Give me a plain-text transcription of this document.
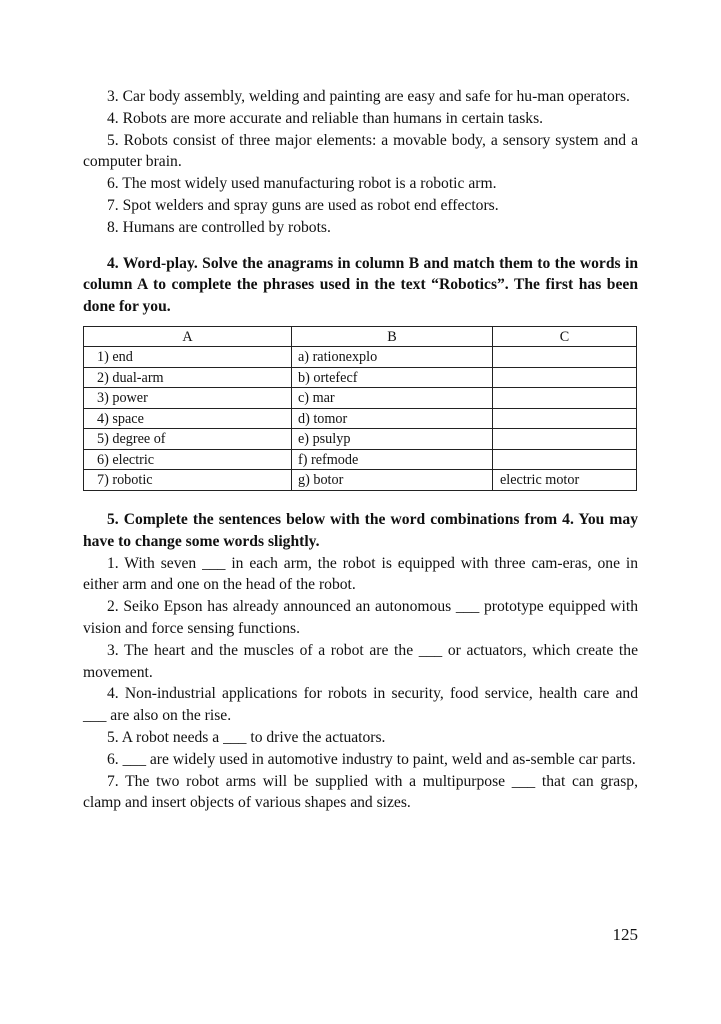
3. Car body assembly, welding and painting are easy and safe for hu-man operators.

4. Robots are more accurate and reliable than humans in certain tasks.

5. Robots consist of three major elements: a movable body, a sensory system and a computer brain.

6. The most widely used manufacturing robot is a robotic arm.

7. Spot welders and spray guns are used as robot end effectors.

8. Humans are controlled by robots.

4. Word-play. Solve the anagrams in column B and match them to the words in column A to complete the phrases used in the text “Robotics”. The first has been done for you.

A	B	C
1) end	a) rationexplo	
2) dual-arm	b) ortefecf	
3) power	c) mar	
4) space	d) tomor	
5) degree of	e) psulyp	
6) electric	f) refmode	
7) robotic	g) botor	electric motor

5. Complete the sentences below with the word combinations from 4. You may have to change some words slightly.

1. With seven ___ in each arm, the robot is equipped with three cam-eras, one in either arm and one on the head of the robot.

2. Seiko Epson has already announced an autonomous ___ prototype equipped with vision and force sensing functions.

3. The heart and the muscles of a robot are the ___ or actuators, which create the movement.

4. Non-industrial applications for robots in security, food service, health care and ___ are also on the rise.

5. A robot needs a ___ to drive the actuators.

6. ___ are widely used in automotive industry to paint, weld and as-semble car parts.

7. The two robot arms will be supplied with a multipurpose ___ that can grasp, clamp and insert objects of various shapes and sizes.

125
